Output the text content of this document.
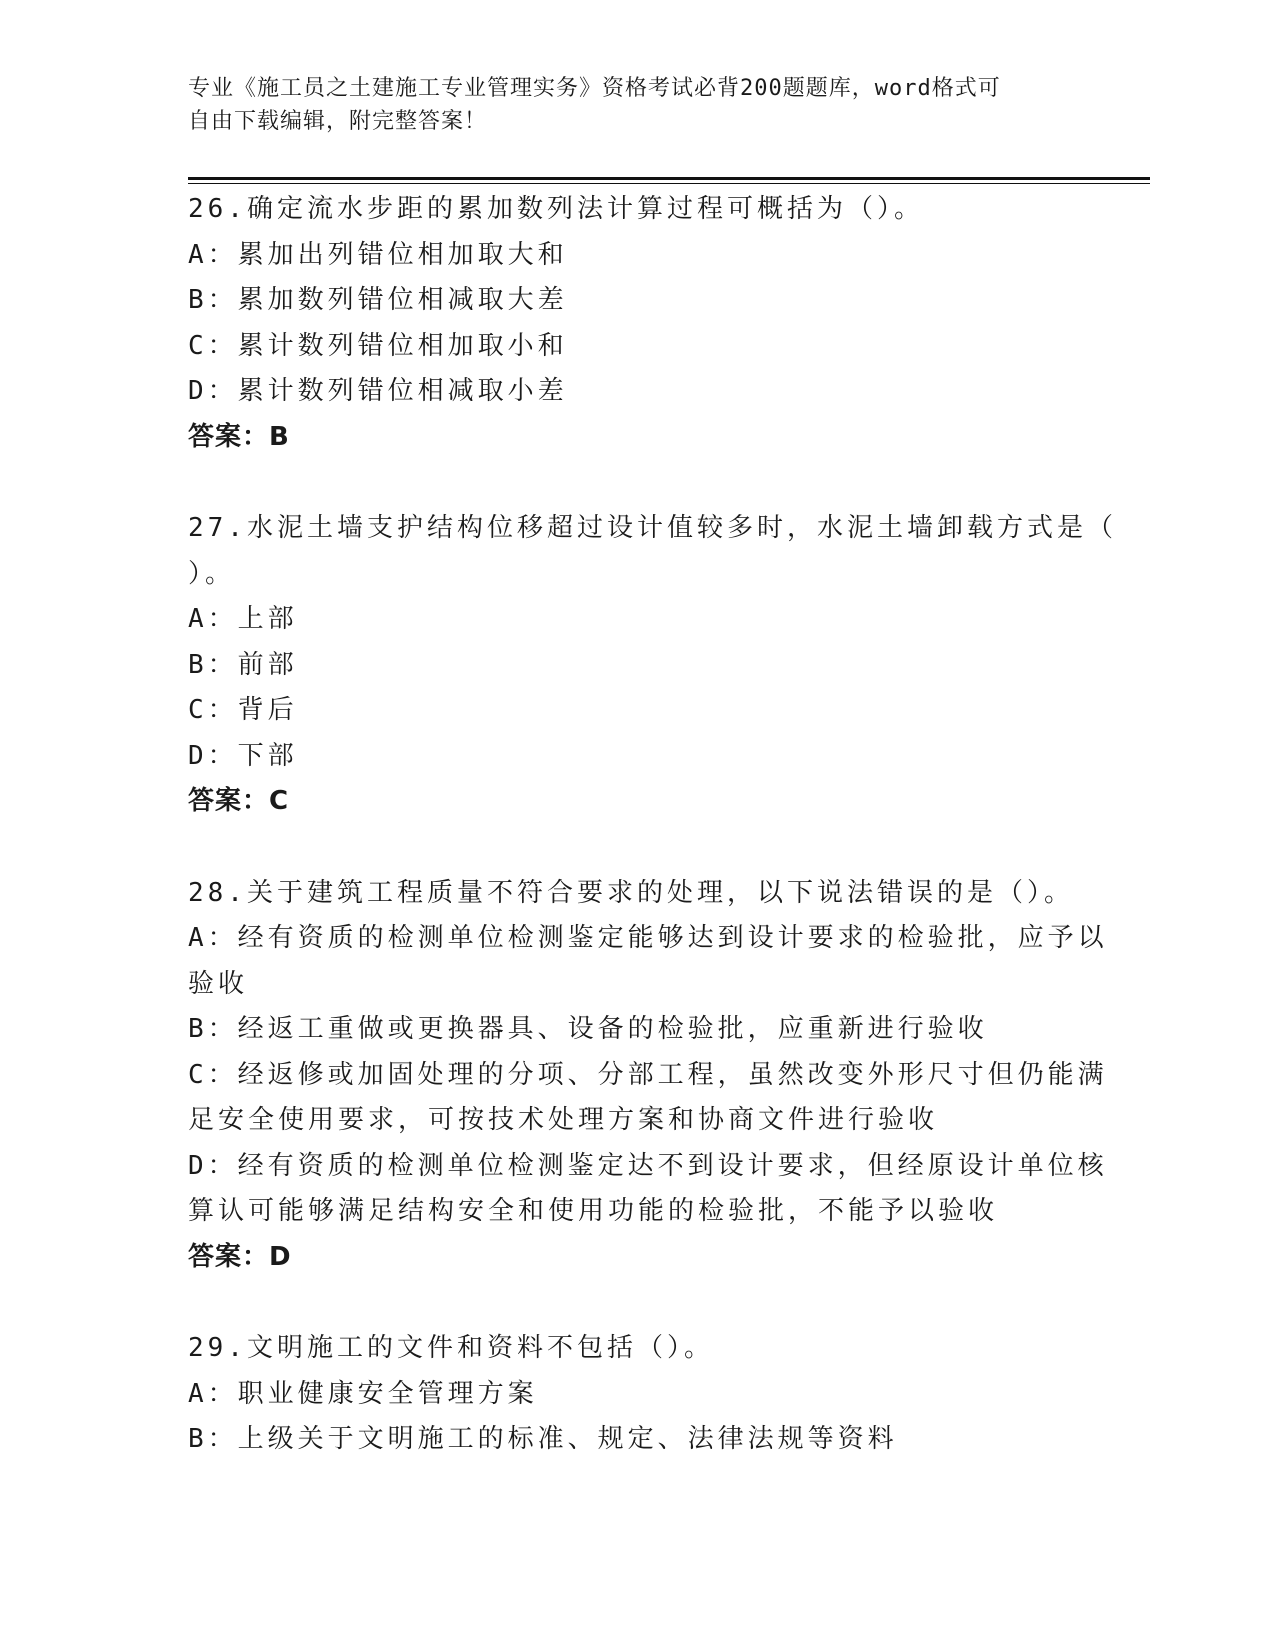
专业《施工员之土建施工专业管理实务》资格考试必背200题题库，word格式可
自由下载编辑，附完整答案！
26.确定流水步距的累加数列法计算过程可概括为（）。
A：累加出列错位相加取大和
B：累加数列错位相减取大差
C：累计数列错位相加取小和
D：累计数列错位相减取小差
答案：B
27.水泥土墙支护结构位移超过设计值较多时，水泥土墙卸载方式是（
）。
A：上部
B：前部
C：背后
D：下部
答案：C
28.关于建筑工程质量不符合要求的处理，以下说法错误的是（）。
A：经有资质的检测单位检测鉴定能够达到设计要求的检验批，应予以
验收
B：经返工重做或更换器具、设备的检验批，应重新进行验收
C：经返修或加固处理的分项、分部工程，虽然改变外形尺寸但仍能满
足安全使用要求，可按技术处理方案和协商文件进行验收
D：经有资质的检测单位检测鉴定达不到设计要求，但经原设计单位核
算认可能够满足结构安全和使用功能的检验批，不能予以验收
答案：D
29.文明施工的文件和资料不包括（）。
A：职业健康安全管理方案
B：上级关于文明施工的标准、规定、法律法规等资料
